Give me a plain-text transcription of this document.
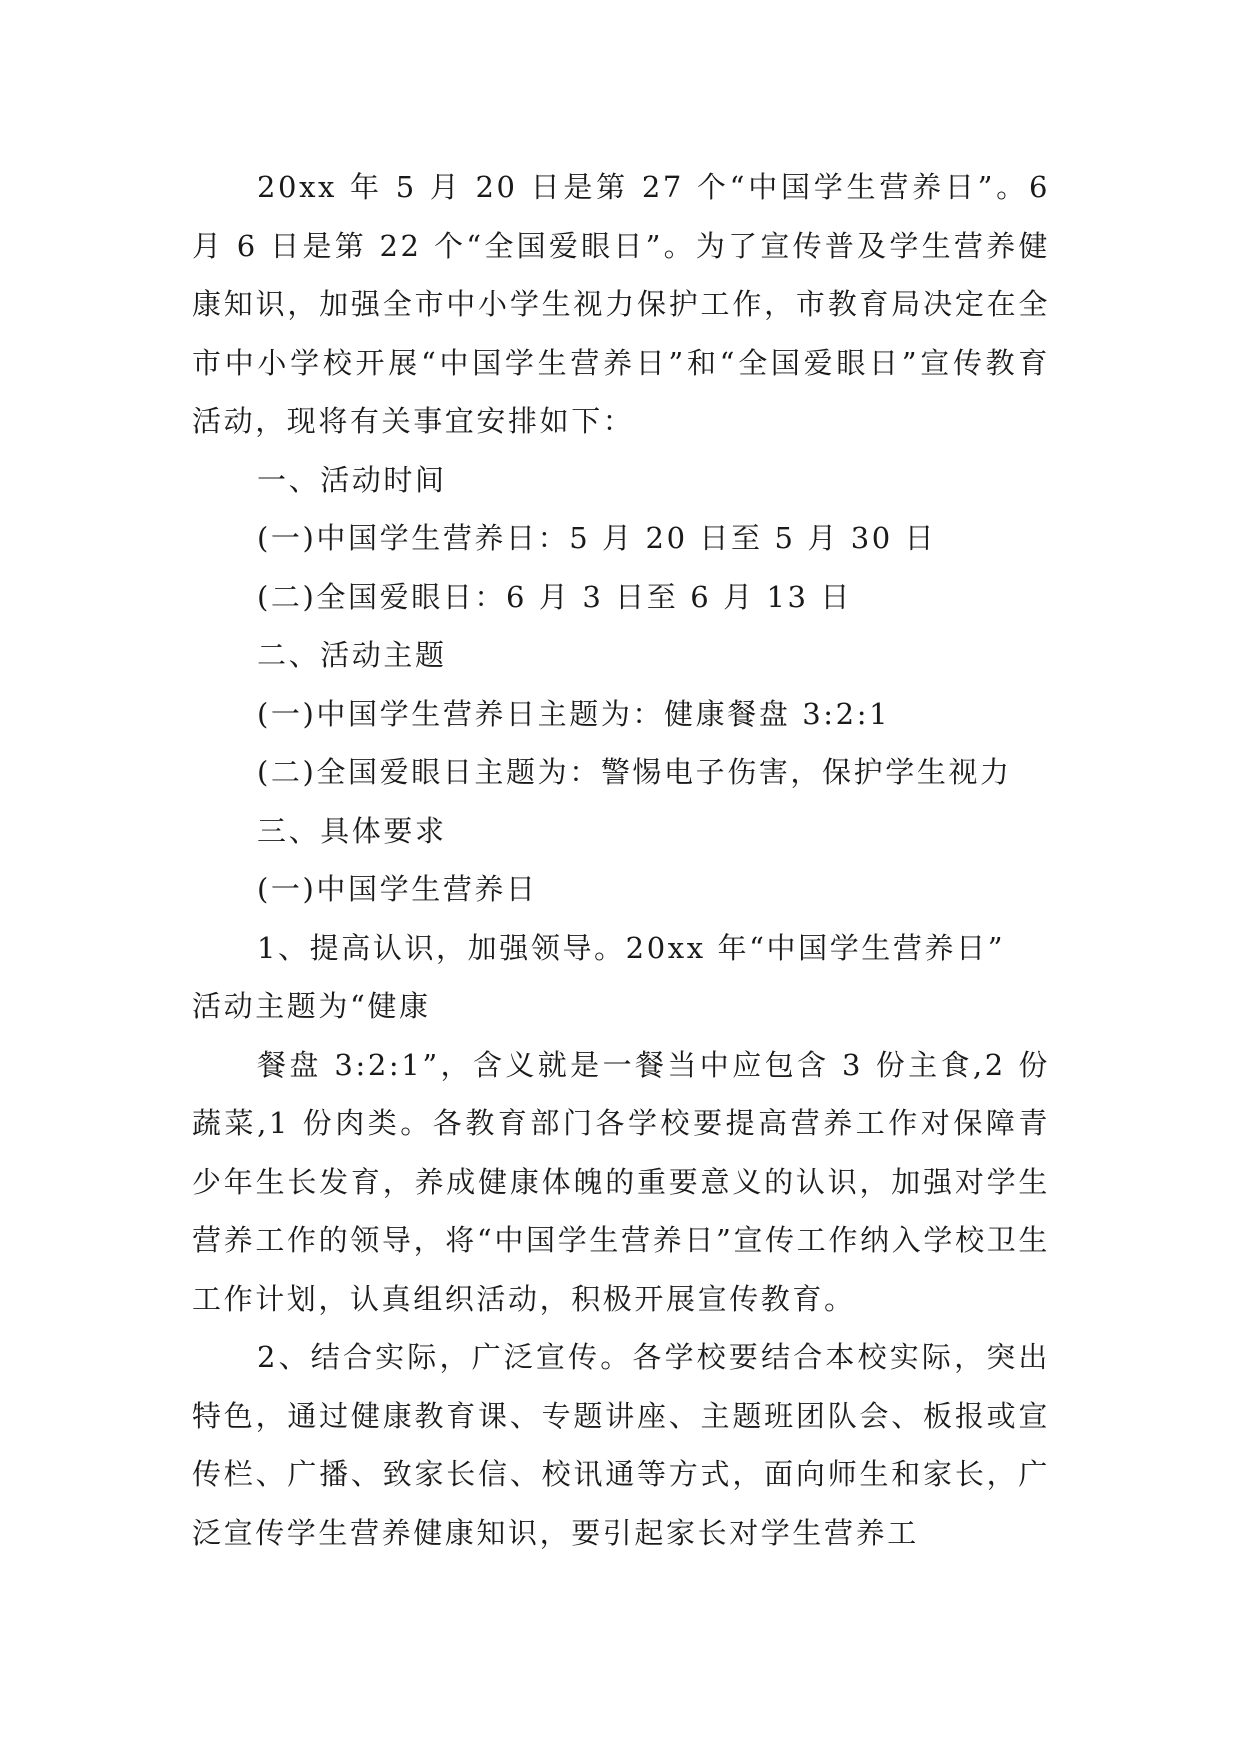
20xx 年 5 月 20 日是第 27 个“中国学生营养日”。6 月 6 日是第 22 个“全国爱眼日”。为了宣传普及学生营养健康知识，加强全市中小学生视力保护工作，市教育局决定在全市中小学校开展“中国学生营养日”和“全国爱眼日”宣传教育活动，现将有关事宜安排如下：

一、活动时间

(一)中国学生营养日：5 月 20 日至 5 月 30 日

(二)全国爱眼日：6 月 3 日至 6 月 13 日

二、活动主题

(一)中国学生营养日主题为：健康餐盘 3:2:1

(二)全国爱眼日主题为：警惕电子伤害，保护学生视力

三、具体要求

(一)中国学生营养日

1、提高认识，加强领导。20xx 年“中国学生营养日”

活动主题为“健康

餐盘 3:2:1”，含义就是一餐当中应包含 3 份主食,2 份蔬菜,1 份肉类。各教育部门各学校要提高营养工作对保障青少年生长发育，养成健康体魄的重要意义的认识，加强对学生营养工作的领导，将“中国学生营养日”宣传工作纳入学校卫生工作计划，认真组织活动，积极开展宣传教育。

2、结合实际，广泛宣传。各学校要结合本校实际，突出特色，通过健康教育课、专题讲座、主题班团队会、板报或宣传栏、广播、致家长信、校讯通等方式，面向师生和家长，广泛宣传学生营养健康知识，要引起家长对学生营养工
